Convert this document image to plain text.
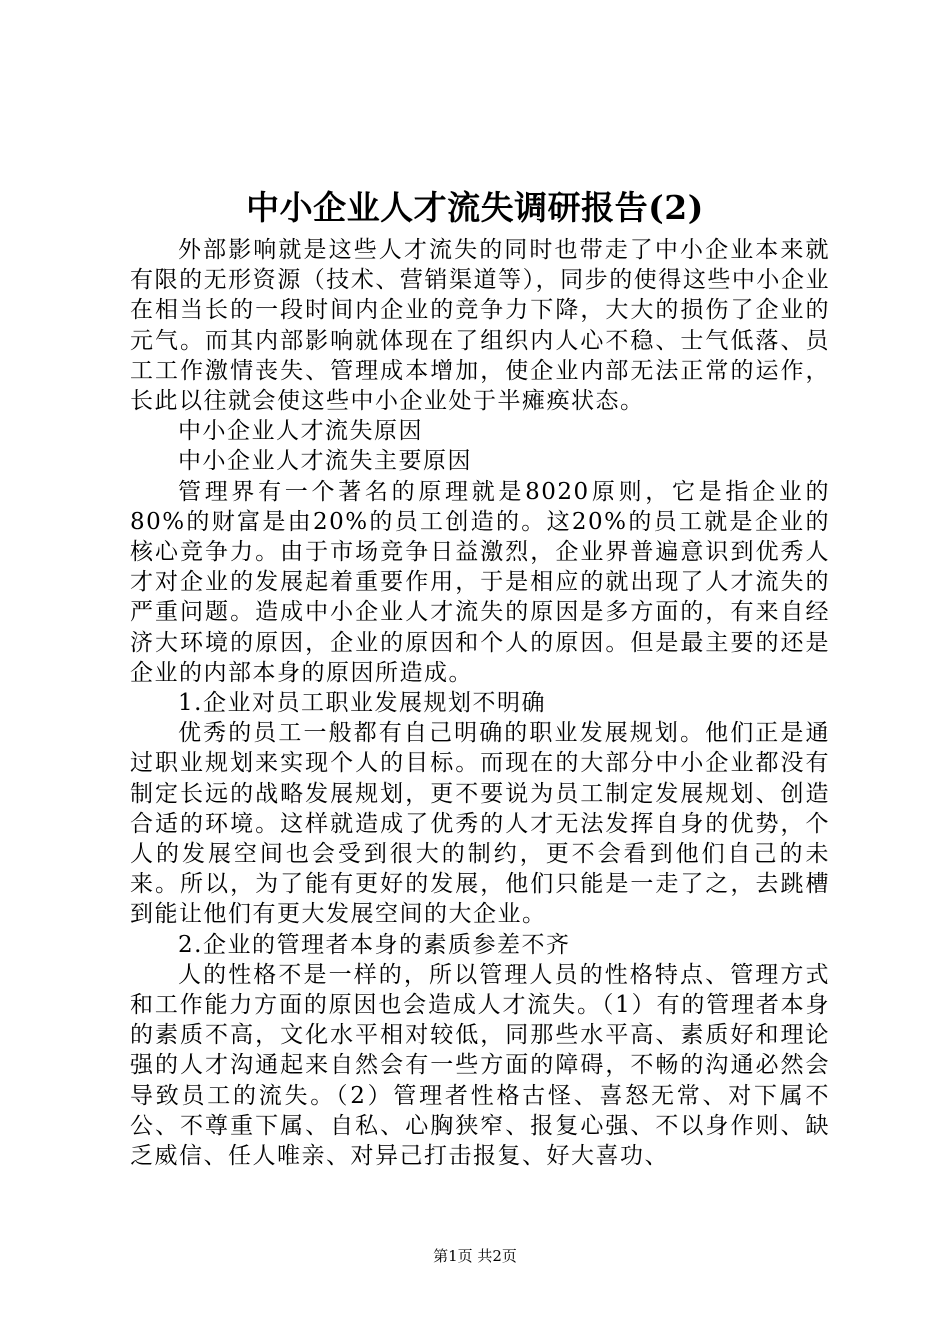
中小企业人才流失调研报告(2)

外部影响就是这些人才流失的同时也带走了中小企业本来就有限的无形资源（技术、营销渠道等），同步的使得这些中小企业在相当长的一段时间内企业的竞争力下降，大大的损伤了企业的元气。而其内部影响就体现在了组织内人心不稳、士气低落、员工工作激情丧失、管理成本增加，使企业内部无法正常的运作，长此以往就会使这些中小企业处于半瘫痪状态。

中小企业人才流失原因

中小企业人才流失主要原因

管理界有一个著名的原理就是8020原则，它是指企业的80%的财富是由20%的员工创造的。这20%的员工就是企业的核心竞争力。由于市场竞争日益激烈，企业界普遍意识到优秀人才对企业的发展起着重要作用，于是相应的就出现了人才流失的严重问题。造成中小企业人才流失的原因是多方面的，有来自经济大环境的原因，企业的原因和个人的原因。但是最主要的还是企业的内部本身的原因所造成。

1.企业对员工职业发展规划不明确

优秀的员工一般都有自己明确的职业发展规划。他们正是通过职业规划来实现个人的目标。而现在的大部分中小企业都没有制定长远的战略发展规划，更不要说为员工制定发展规划、创造合适的环境。这样就造成了优秀的人才无法发挥自身的优势，个人的发展空间也会受到很大的制约，更不会看到他们自己的未来。所以，为了能有更好的发展，他们只能是一走了之，去跳槽到能让他们有更大发展空间的大企业。

2.企业的管理者本身的素质参差不齐

人的性格不是一样的，所以管理人员的性格特点、管理方式和工作能力方面的原因也会造成人才流失。（1）有的管理者本身的素质不高，文化水平相对较低，同那些水平高、素质好和理论强的人才沟通起来自然会有一些方面的障碍，不畅的沟通必然会导致员工的流失。（2）管理者性格古怪、喜怒无常、对下属不公、不尊重下属、自私、心胸狭窄、报复心强、不以身作则、缺乏威信、任人唯亲、对异己打击报复、好大喜功、

第1页 共2页
